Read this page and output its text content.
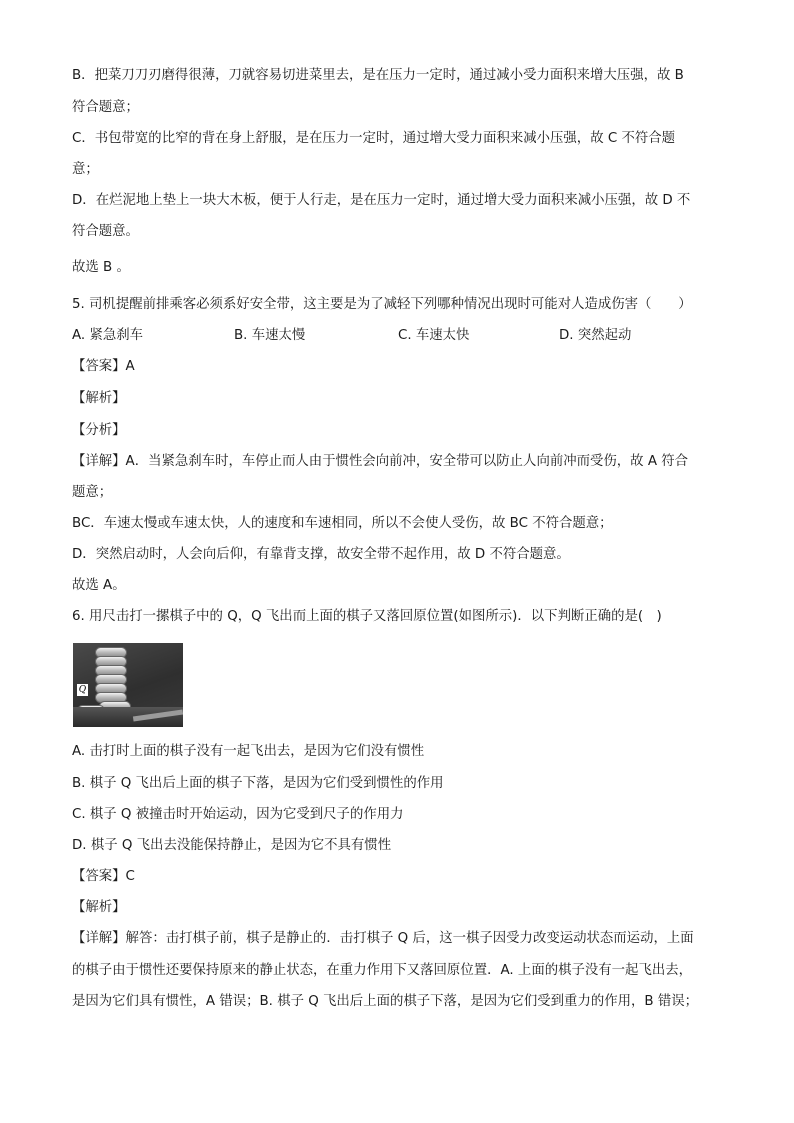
B．把菜刀刀刃磨得很薄，刀就容易切进菜里去，是在压力一定时，通过减小受力面积来增大压强，故 B
符合题意；
C．书包带宽的比窄的背在身上舒服，是在压力一定时，通过增大受力面积来减小压强，故 C 不符合题
意；
D．在烂泥地上垫上一块大木板，便于人行走，是在压力一定时，通过增大受力面积来减小压强，故 D 不
符合题意。
故选 B 。
5. 司机提醒前排乘客必须系好安全带，这主要是为了减轻下列哪种情况出现时可能对人造成伤害（　　）
A. 紧急刹车	B. 车速太慢	C. 车速太快	D. 突然起动
【答案】A
【解析】
【分析】
【详解】A．当紧急刹车时，车停止而人由于惯性会向前冲，安全带可以防止人向前冲而受伤，故 A 符合
题意；
BC．车速太慢或车速太快，人的速度和车速相同，所以不会使人受伤，故 BC 不符合题意；
D．突然启动时，人会向后仰，有靠背支撑，故安全带不起作用，故 D 不符合题意。
故选 A。
6. 用尺击打一摞棋子中的 Q，Q 飞出而上面的棋子又落回原位置(如图所示)．以下判断正确的是(　)
Q
A. 击打时上面的棋子没有一起飞出去，是因为它们没有惯性
B. 棋子 Q 飞出后上面的棋子下落，是因为它们受到惯性的作用
C. 棋子 Q 被撞击时开始运动，因为它受到尺子的作用力
D. 棋子 Q 飞出去没能保持静止，是因为它不具有惯性
【答案】C
【解析】
【详解】解答：击打棋子前，棋子是静止的．击打棋子 Q 后，这一棋子因受力改变运动状态而运动，上面
的棋子由于惯性还要保持原来的静止状态，在重力作用下又落回原位置．A. 上面的棋子没有一起飞出去，
是因为它们具有惯性，A 错误；B. 棋子 Q 飞出后上面的棋子下落，是因为它们受到重力的作用，B 错误；
